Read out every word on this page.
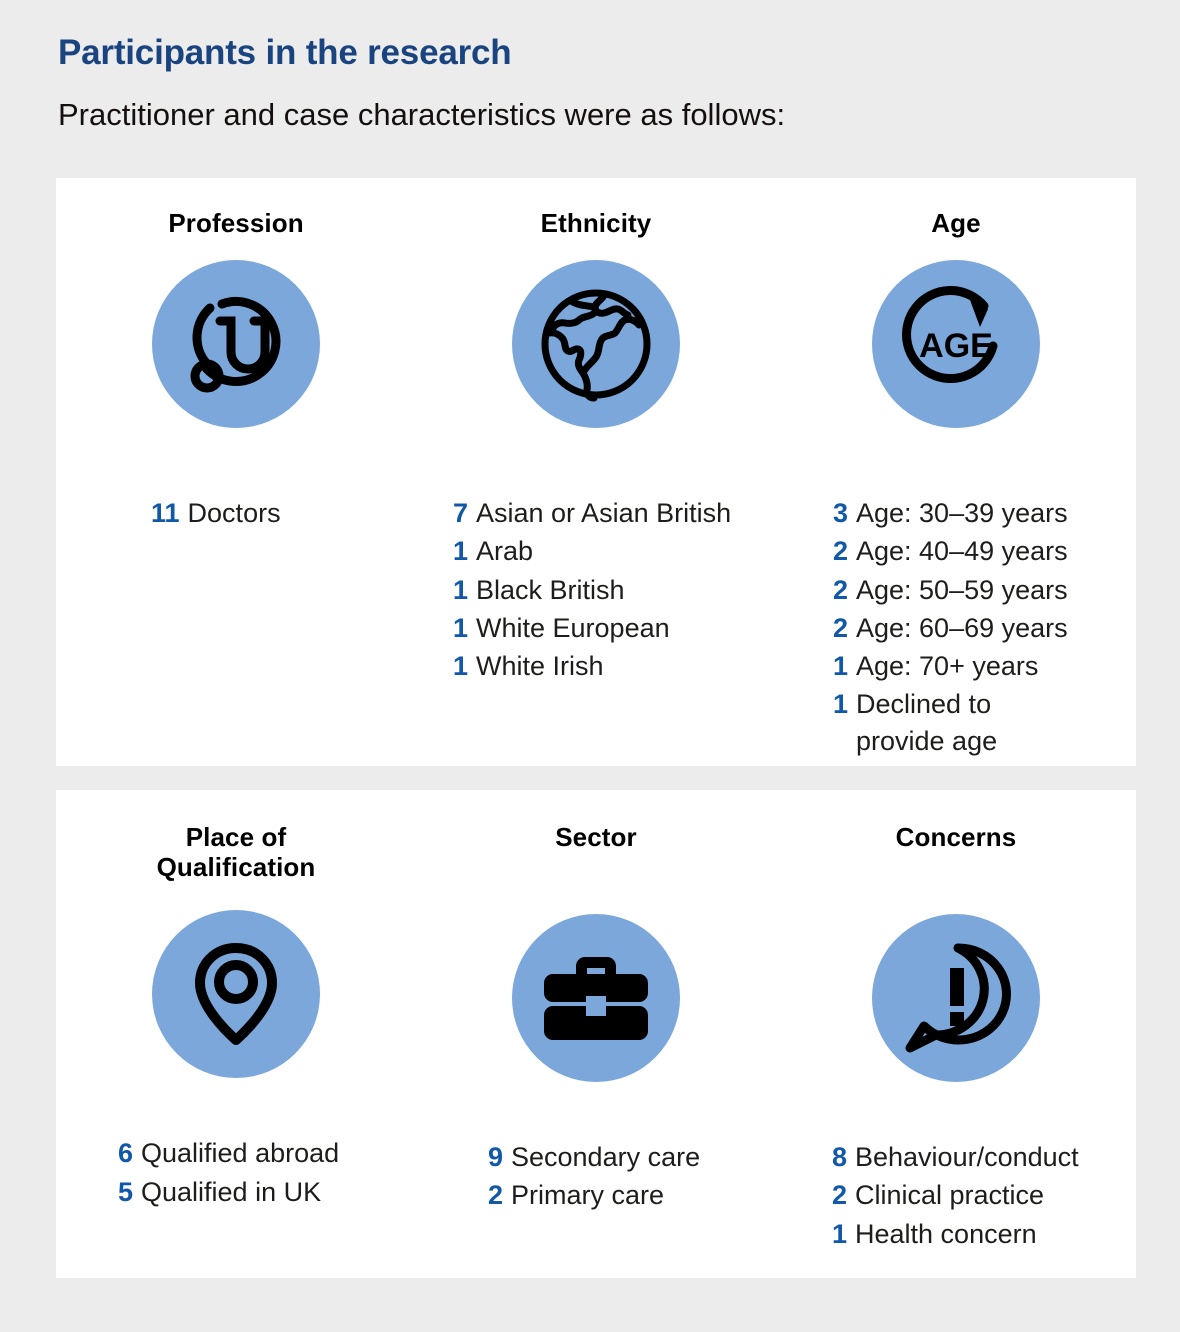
Participants in the research

Practitioner and case characteristics were as follows:

Profession
11 Doctors
Ethnicity
7 Asian or Asian British
1 Arab
1 Black British
1 White European
1 White Irish
Age
AGE
3 Age: 30–39 years
2 Age: 40–49 years
2 Age: 50–59 years
2 Age: 60–69 years
1 Age: 70+ years
1 Declined to provide age
Place of Qualification
6 Qualified abroad
5 Qualified in UK
Sector
9 Secondary care
2 Primary care
Concerns
8 Behaviour/conduct
2 Clinical practice
1 Health concern
